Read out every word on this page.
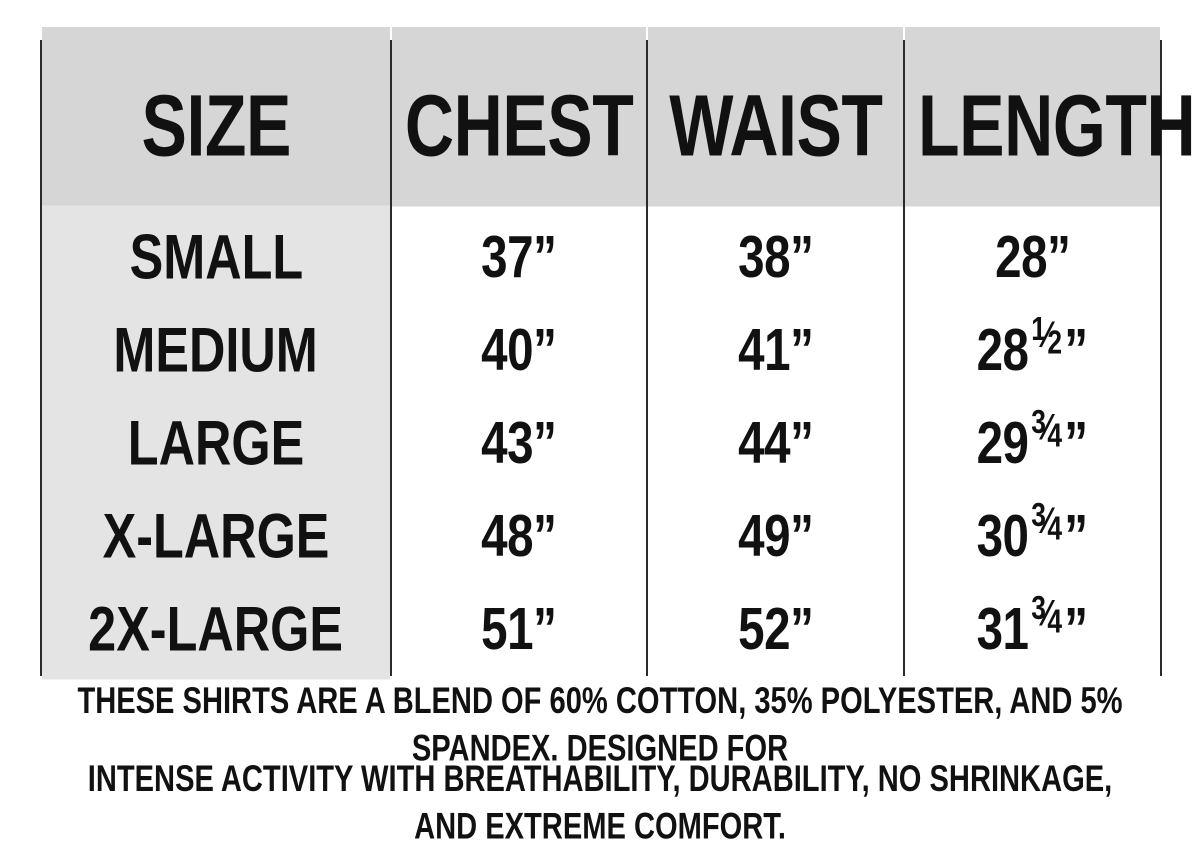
SIZE	CHEST	WAIST	LENGTH
SMALL	37”	38”	28”
MEDIUM	40”	41”	281⁄2”
LARGE	43”	44”	293⁄4”
X-LARGE	48”	49”	303⁄4”
2X-LARGE	51”	52”	313⁄4”
THESE SHIRTS ARE A BLEND OF 60% COTTON, 35% POLYESTER, AND 5% SPANDEX. DESIGNED FOR
INTENSE ACTIVITY WITH BREATHABILITY, DURABILITY, NO SHRINKAGE, AND EXTREME COMFORT.
